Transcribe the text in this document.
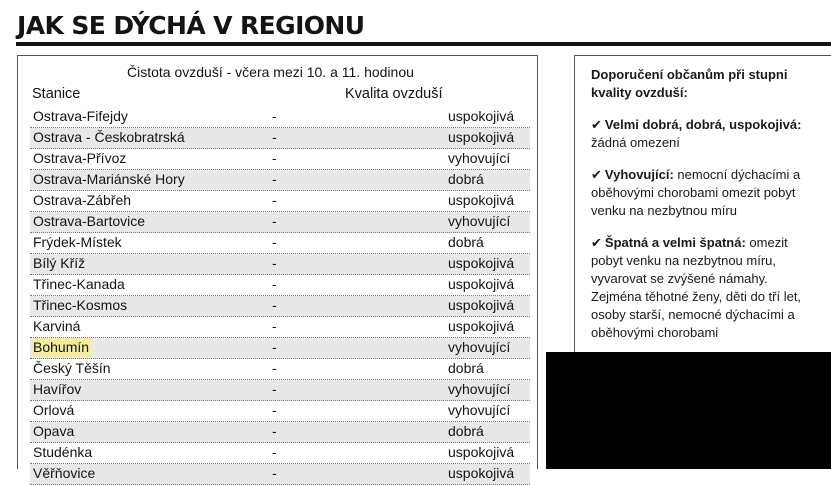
JAK SE DÝCHÁ V REGIONU
Čistota ovzduší - včera mezi 10. a 11. hodinou
Stanice	Kvalita ovzduší
Ostrava-Fifejdy	-	uspokojivá
Ostrava - Českobratrská	-	uspokojivá
Ostrava-Přívoz	-	vyhovující
Ostrava-Mariánské Hory	-	dobrá
Ostrava-Zábřeh	-	uspokojivá
Ostrava-Bartovice	-	vyhovující
Frýdek-Místek	-	dobrá
Bílý Kříž	-	uspokojivá
Třinec-Kanada	-	uspokojivá
Třinec-Kosmos	-	uspokojivá
Karviná	-	uspokojivá
Bohumín	-	vyhovující
Český Těšín	-	dobrá
Havířov	-	vyhovující
Orlová	-	vyhovující
Opava	-	dobrá
Studénka	-	uspokojivá
Věřňovice	-	uspokojivá

Doporučení občanům při stupni kvality ovzduší:

✔ Velmi dobrá, dobrá, uspokojivá: žádná omezení

✔ Vyhovující: nemocní dýchacími a oběhovými chorobami omezit pobyt venku na nezbytnou míru

✔ Špatná a velmi špatná: omezit pobyt venku na nezbytnou míru, vyvarovat se zvýšené námahy. Zejména těhotné ženy, děti do tří let, osoby starší, nemocné dýchacími a oběhovými chorobami
